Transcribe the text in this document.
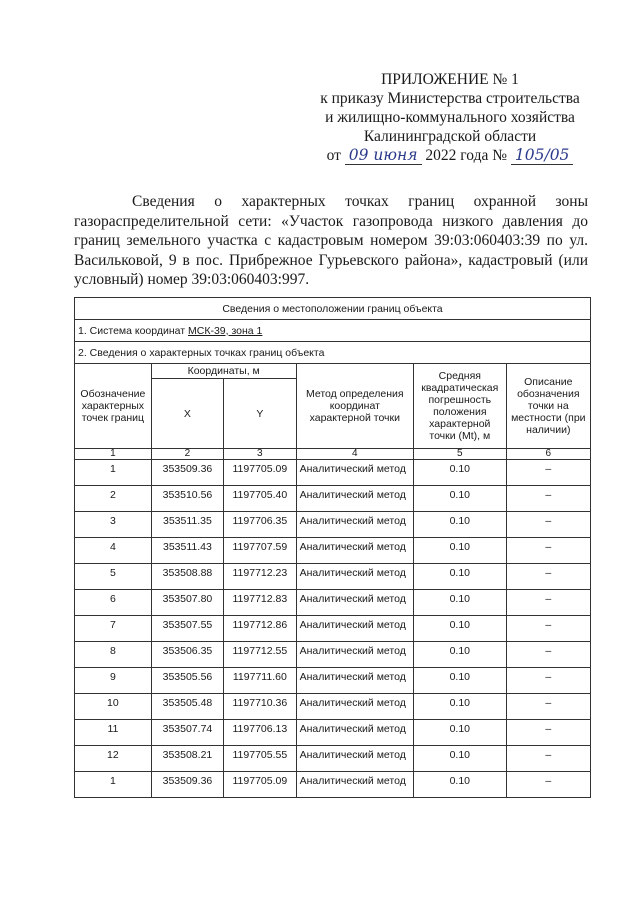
ПРИЛОЖЕНИЕ № 1
к приказу Министерства строительства
и жилищно-коммунального хозяйства
Калининградской области
от 09 июня 2022 года № 105/05
Сведения о характерных точках границ охранной зоны газораспределительной сети: «Участок газопровода низкого давления до границ земельного участка с кадастровым номером 39:03:060403:39 по ул. Васильковой, 9 в пос. Прибрежное Гурьевского района», кадастровый (или условный) номер 39:03:060403:997.
Сведения о местоположении границ объекта					
1. Система координат МСК-39, зона 1					
2. Сведения о характерных точках границ объекта					
Обозначение характерных точек границ	Координаты, м		Метод определения координат характерной точки	Средняя квадратическая погрешность положения характерной точки (Mt), м	Описание обозначения точки на местности (при наличии)
	X	Y			
1	2	3	4	5	6
1	353509.36	1197705.09	Аналитический метод	0.10	–
2	353510.56	1197705.40	Аналитический метод	0.10	–
3	353511.35	1197706.35	Аналитический метод	0.10	–
4	353511.43	1197707.59	Аналитический метод	0.10	–
5	353508.88	1197712.23	Аналитический метод	0.10	–
6	353507.80	1197712.83	Аналитический метод	0.10	–
7	353507.55	1197712.86	Аналитический метод	0.10	–
8	353506.35	1197712.55	Аналитический метод	0.10	–
9	353505.56	1197711.60	Аналитический метод	0.10	–
10	353505.48	1197710.36	Аналитический метод	0.10	–
11	353507.74	1197706.13	Аналитический метод	0.10	–
12	353508.21	1197705.55	Аналитический метод	0.10	–
1	353509.36	1197705.09	Аналитический метод	0.10	–
